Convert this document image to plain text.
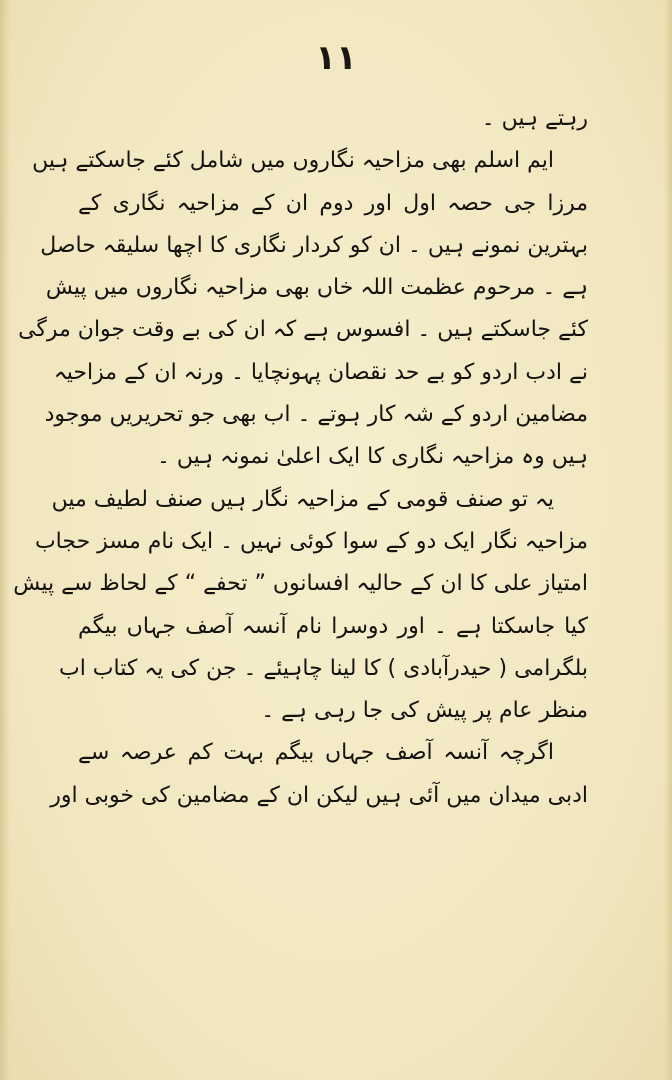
۱۱
رہتے ہیں ۔
ایم اسلم بھی مزاحیہ نگاروں میں شامل کئے جاسکتے ہیں
مرزا جی حصہ اول اور دوم ان کے مزاحیہ نگاری کے
بہترین نمونے ہیں ۔ ان کو کردار نگاری کا اچھا سلیقہ حاصل
ہے ۔ مرحوم عظمت اللہ خاں بھی مزاحیہ نگاروں میں پیش
کئے جاسکتے ہیں ۔ افسوس ہے کہ ان کی بے وقت جوان مرگی
نے ادب اردو کو بے حد نقصان پہونچایا ۔ ورنہ ان کے مزاحیہ
مضامین اردو کے شہ کار ہوتے ۔ اب بھی جو تحریریں موجود
ہیں وہ مزاحیہ نگاری کا ایک اعلیٰ نمونہ ہیں ۔
یہ تو صنف قومی کے مزاحیہ نگار ہیں صنف لطیف میں
مزاحیہ نگار ایک دو کے سوا کوئی نہیں ۔ ایک نام مسز حجاب
امتیاز علی کا ان کے حالیہ افسانوں ” تحفے “ کے لحاظ سے پیش
کیا جاسکتا ہے ۔ اور دوسرا نام آنسہ آصف جہاں بیگم
بلگرامی ( حیدرآبادی ) کا لینا چاہیئے ۔ جن کی یہ کتاب اب
منظر عام پر پیش کی جا رہی ہے ۔
اگرچہ آنسہ آصف جہاں بیگم بہت کم عرصہ سے
ادبی میدان میں آئی ہیں لیکن ان کے مضامین کی خوبی اور
